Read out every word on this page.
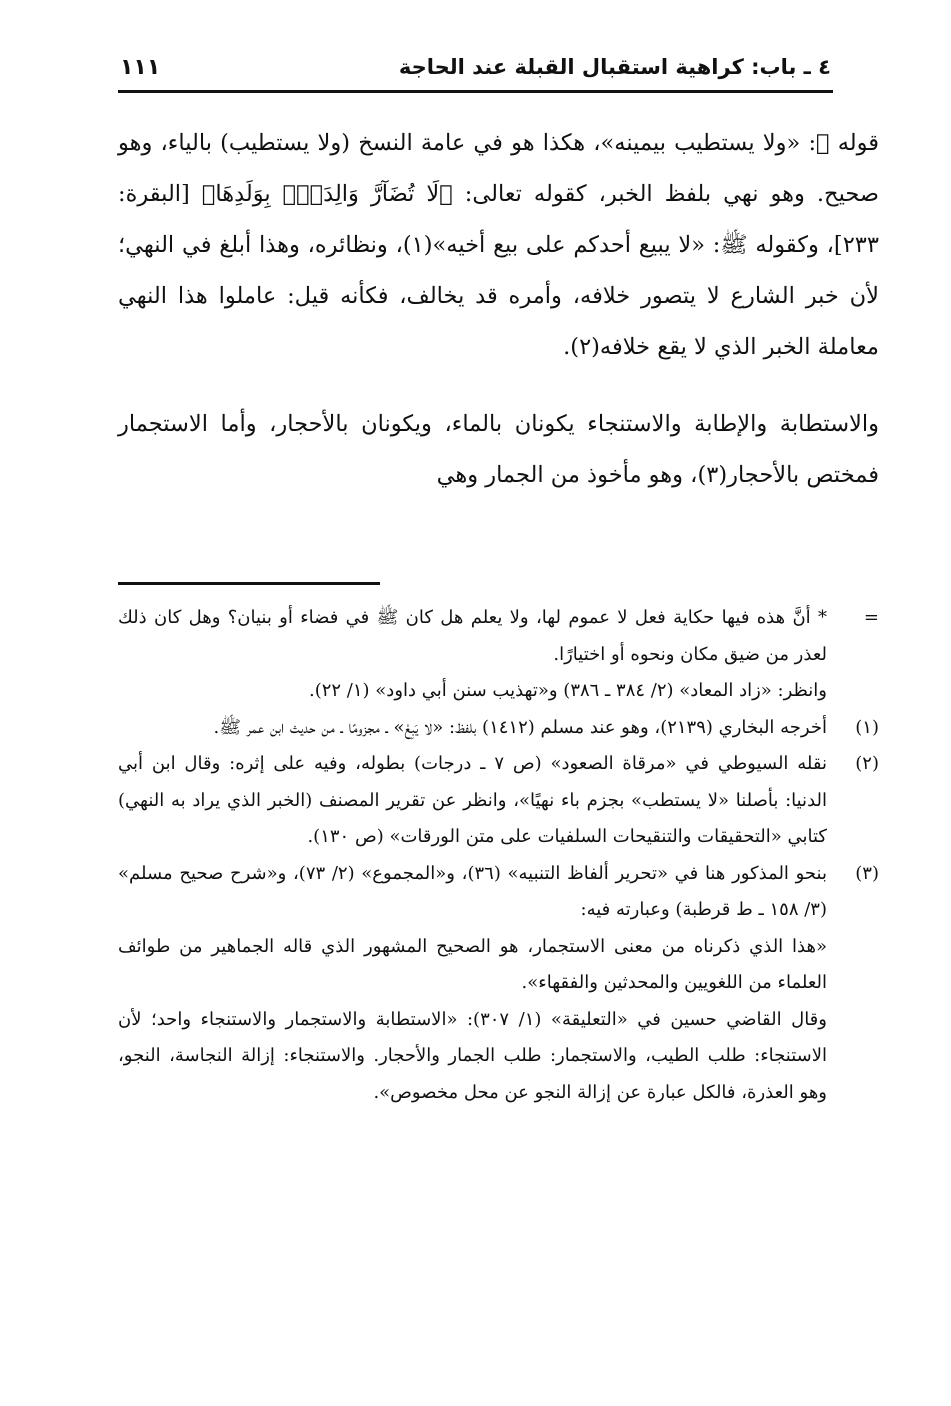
٤ ـ باب: كراهية استقبال القبلة عند الحاجة
١١١

قوله ﷺ: «ولا يستطيب بيمينه»، هكذا هو في عامة النسخ (ولا يستطيب) بالياء، وهو صحيح. وهو نهي بلفظ الخبر، كقوله تعالى: ﴿لَا تُضَآرَّ وَالِدَةُۢ بِوَلَدِهَا﴾ [البقرة: ٢٣٣]، وكقوله ﷺ: «لا يبيع أحدكم على بيع أخيه»(١)، ونظائره، وهذا أبلغ في النهي؛ لأن خبر الشارع لا يتصور خلافه، وأمره قد يخالف، فكأنه قيل: عاملوا هذا النهي معاملة الخبر الذي لا يقع خلافه(٢).

والاستطابة والإطابة والاستنجاء يكونان بالماء، ويكونان بالأحجار، وأما الاستجمار فمختص بالأحجار(٣)، وهو مأخوذ من الجمار وهي

=

* أنَّ هذه فيها حكاية فعل لا عموم لها، ولا يعلم هل كان ﷺ في فضاء أو بنيان؟ وهل كان ذلك لعذر من ضيق مكان ونحوه أو اختيارًا.

وانظر: «زاد المعاد» (٢/ ٣٨٤ ـ ٣٨٦) و«تهذيب سنن أبي داود» (١/ ٢٢).

(١)

أخرجه البخاري (٢١٣٩)، وهو عند مسلم (١٤١٢) بلفظ: «لا يَبِعْ» ـ مجزومًا ـ من حديث ابن عمر ﷺ.

(٢)

نقله السيوطي في «مرقاة الصعود» (ص ٧ ـ درجات) بطوله، وفيه على إثره: وقال ابن أبي الدنيا: بأصلنا «لا يستطب» بجزم باء نهيًا»، وانظر عن تقرير المصنف (الخبر الذي يراد به النهي) كتابي «التحقيقات والتنقيحات السلفيات على متن الورقات» (ص ١٣٠).

(٣)

بنحو المذكور هنا في «تحرير ألفاظ التنبيه» (٣٦)، و«المجموع» (٢/ ٧٣)، و«شرح صحيح مسلم» (٣/ ١٥٨ ـ ط قرطبة) وعبارته فيه:

«هذا الذي ذكرناه من معنى الاستجمار، هو الصحيح المشهور الذي قاله الجماهير من طوائف العلماء من اللغويين والمحدثين والفقهاء».

وقال القاضي حسين في «التعليقة» (١/ ٣٠٧): «الاستطابة والاستجمار والاستنجاء واحد؛ لأن الاستنجاء: طلب الطيب، والاستجمار: طلب الجمار والأحجار. والاستنجاء: إزالة النجاسة، النجو، وهو العذرة، فالكل عبارة عن إزالة النجو عن محل مخصوص».
